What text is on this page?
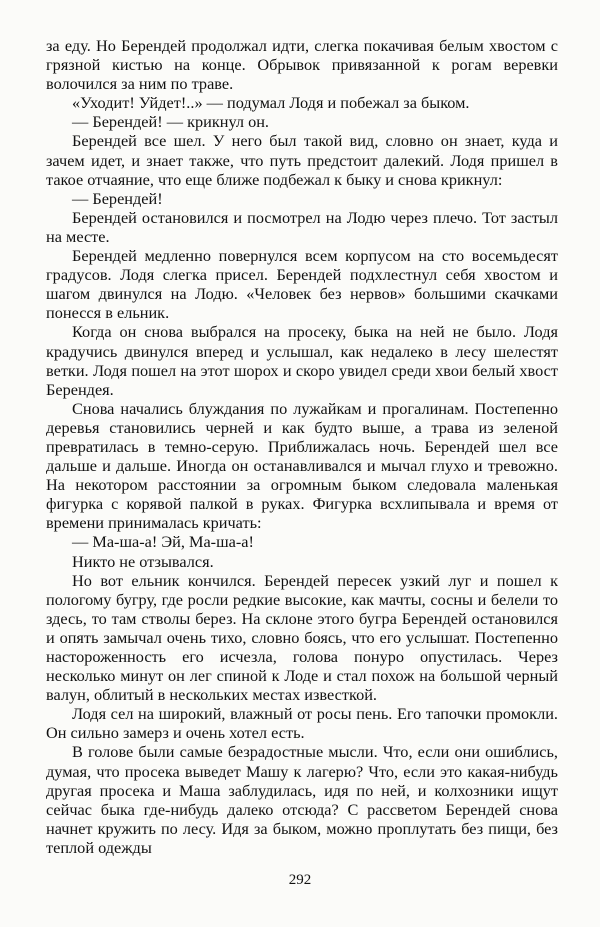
за еду. Но Берендей продолжал идти, слегка покачивая белым хвостом с грязной кистью на конце. Обрывок привязанной к рогам веревки волочился за ним по траве.

«Уходит! Уйдет!..» — подумал Лодя и побежал за быком.

— Берендей! — крикнул он.

Берендей все шел. У него был такой вид, словно он знает, куда и зачем идет, и знает также, что путь предстоит далекий. Лодя пришел в такое отчаяние, что еще ближе подбежал к быку и снова крикнул:

— Берендей!

Берендей остановился и посмотрел на Лодю через плечо. Тот застыл на месте.

Берендей медленно повернулся всем корпусом на сто восемьдесят градусов. Лодя слегка присел. Берендей подхлестнул себя хвостом и шагом двинулся на Лодю. «Человек без нервов» большими скачками понесся в ельник.

Когда он снова выбрался на просеку, быка на ней не было. Лодя крадучись двинулся вперед и услышал, как недалеко в лесу шелестят ветки. Лодя пошел на этот шорох и скоро увидел среди хвои белый хвост Берендея.

Снова начались блуждания по лужайкам и прогалинам. Постепенно деревья становились черней и как будто выше, а трава из зеленой превратилась в темно-серую. Приближалась ночь. Берендей шел все дальше и дальше. Иногда он останавливался и мычал глухо и тревожно. На некотором расстоянии за огромным быком следовала маленькая фигурка с корявой палкой в руках. Фигурка всхлипывала и время от времени принималась кричать:

— Ма-ша-а! Эй, Ма-ша-а!

Никто не отзывался.

Но вот ельник кончился. Берендей пересек узкий луг и пошел к пологому бугру, где росли редкие высокие, как мачты, сосны и белели то здесь, то там стволы берез. На склоне этого бугра Берендей остановился и опять замычал очень тихо, словно боясь, что его услышат. Постепенно настороженность его исчезла, голова понуро опустилась. Через несколько минут он лег спиной к Лоде и стал похож на большой черный валун, облитый в нескольких местах известкой.

Лодя сел на широкий, влажный от росы пень. Его тапочки промокли. Он сильно замерз и очень хотел есть.

В голове были самые безрадостные мысли. Что, если они ошиблись, думая, что просека выведет Машу к лагерю? Что, если это какая-нибудь другая просека и Маша заблудилась, идя по ней, и колхозники ищут сейчас быка где-нибудь далеко отсюда? С рассветом Берендей снова начнет кружить по лесу. Идя за быком, можно проплутать без пищи, без теплой одежды

292
